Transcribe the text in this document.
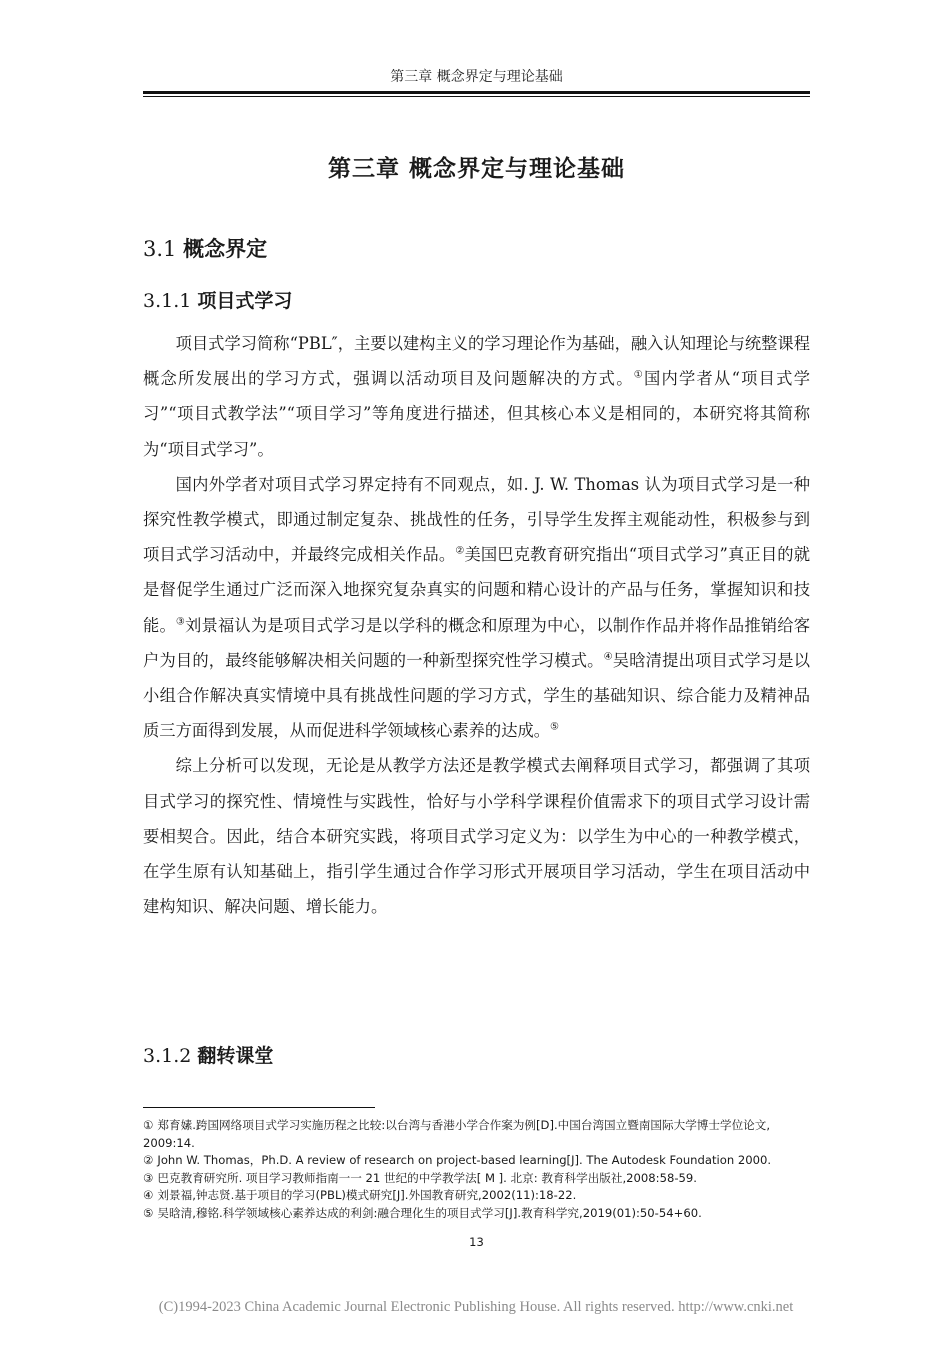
第三章 概念界定与理论基础
第三章 概念界定与理论基础
3.1 概念界定
3.1.1 项目式学习

项目式学习简称“PBL″，主要以建构主义的学习理论作为基础，融入认知理论与统整课程概念所发展出的学习方式，强调以活动项目及问题解决的方式。①国内学者从“项目式学习”“项目式教学法”“项目学习”等角度进行描述，但其核心本义是相同的，本研究将其简称为“项目式学习”。

国内外学者对项目式学习界定持有不同观点，如. J. W. Thomas 认为项目式学习是一种探究性教学模式，即通过制定复杂、挑战性的任务，引导学生发挥主观能动性，积极参与到项目式学习活动中，并最终完成相关作品。②美国巴克教育研究指出“项目式学习”真正目的就是督促学生通过广泛而深入地探究复杂真实的问题和精心设计的产品与任务，掌握知识和技能。③刘景福认为是项目式学习是以学科的概念和原理为中心，以制作作品并将作品推销给客户为目的，最终能够解决相关问题的一种新型探究性学习模式。④吴晗清提出项目式学习是以小组合作解决真实情境中具有挑战性问题的学习方式，学生的基础知识、综合能力及精神品质三方面得到发展，从而促进科学领域核心素养的达成。⑤

综上分析可以发现，无论是从教学方法还是教学模式去阐释项目式学习，都强调了其项目式学习的探究性、情境性与实践性，恰好与小学科学课程价值需求下的项目式学习设计需要相契合。因此，结合本研究实践，将项目式学习定义为：以学生为中心的一种教学模式，在学生原有认知基础上，指引学生通过合作学习形式开展项目学习活动，学生在项目活动中建构知识、解决问题、增长能力。

3.1.2 翻转课堂
① 郑育嫊.跨国网络项目式学习实施历程之比较:以台湾与香港小学合作案为例[D].中国台湾国立暨南国际大学博士学位论文, 2009:14.
② John W. Thomas，Ph.D. A review of research on project-based learning[J]. The Autodesk Foundation 2000.
③ 巴克教育研究所. 项目学习教师指南一一 21 世纪的中学教学法[ M ]. 北京: 教育科学出版社,2008:58-59.
④ 刘景福,钟志贤.基于项目的学习(PBL)模式研究[J].外国教育研究,2002(11):18-22.
⑤ 吴晗清,穆铭.科学领域核心素养达成的利剑:融合理化生的项目式学习[J].教育科学究,2019(01):50-54+60.
13
(C)1994-2023 China Academic Journal Electronic Publishing House. All rights reserved. http://www.cnki.net
